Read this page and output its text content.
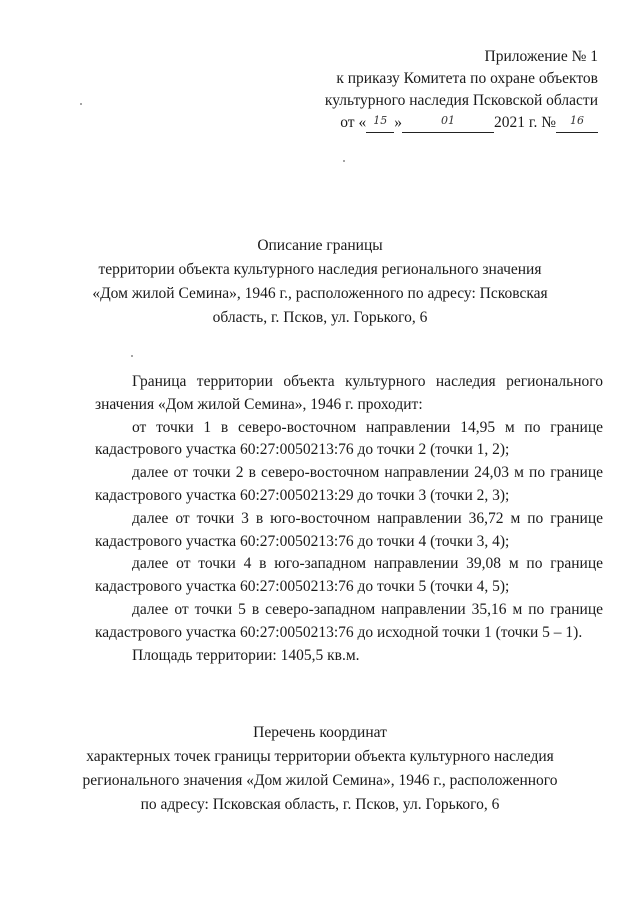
Приложение № 1
к приказу Комитета по охране объектов
культурного наследия Псковской области
от « 15 »	01	2021 г. № 16
Описание границы
территории объекта культурного наследия регионального значения
«Дом жилой Семина», 1946 г., расположенного по адресу: Псковская
область, г. Псков, ул. Горького, 6

Граница территории объекта культурного наследия регионального значения «Дом жилой Семина», 1946 г. проходит:

от точки 1 в северо-восточном направлении 14,95 м по границе кадастрового участка 60:27:0050213:76 до точки 2 (точки 1, 2);

далее от точки 2 в северо-восточном направлении 24,03 м по границе кадастрового участка 60:27:0050213:29 до точки 3 (точки 2, 3);

далее от точки 3 в юго-восточном направлении 36,72 м по границе кадастрового участка 60:27:0050213:76 до точки 4 (точки 3, 4);

далее от точки 4 в юго-западном направлении 39,08 м по границе кадастрового участка 60:27:0050213:76 до точки 5 (точки 4, 5);

далее от точки 5 в северо-западном направлении 35,16 м по границе кадастрового участка 60:27:0050213:76 до исходной точки 1 (точки 5 – 1).

Площадь территории: 1405,5 кв.м.

Перечень координат
характерных точек границы территории объекта культурного наследия
регионального значения «Дом жилой Семина», 1946 г., расположенного
по адресу: Псковская область, г. Псков, ул. Горького, 6
